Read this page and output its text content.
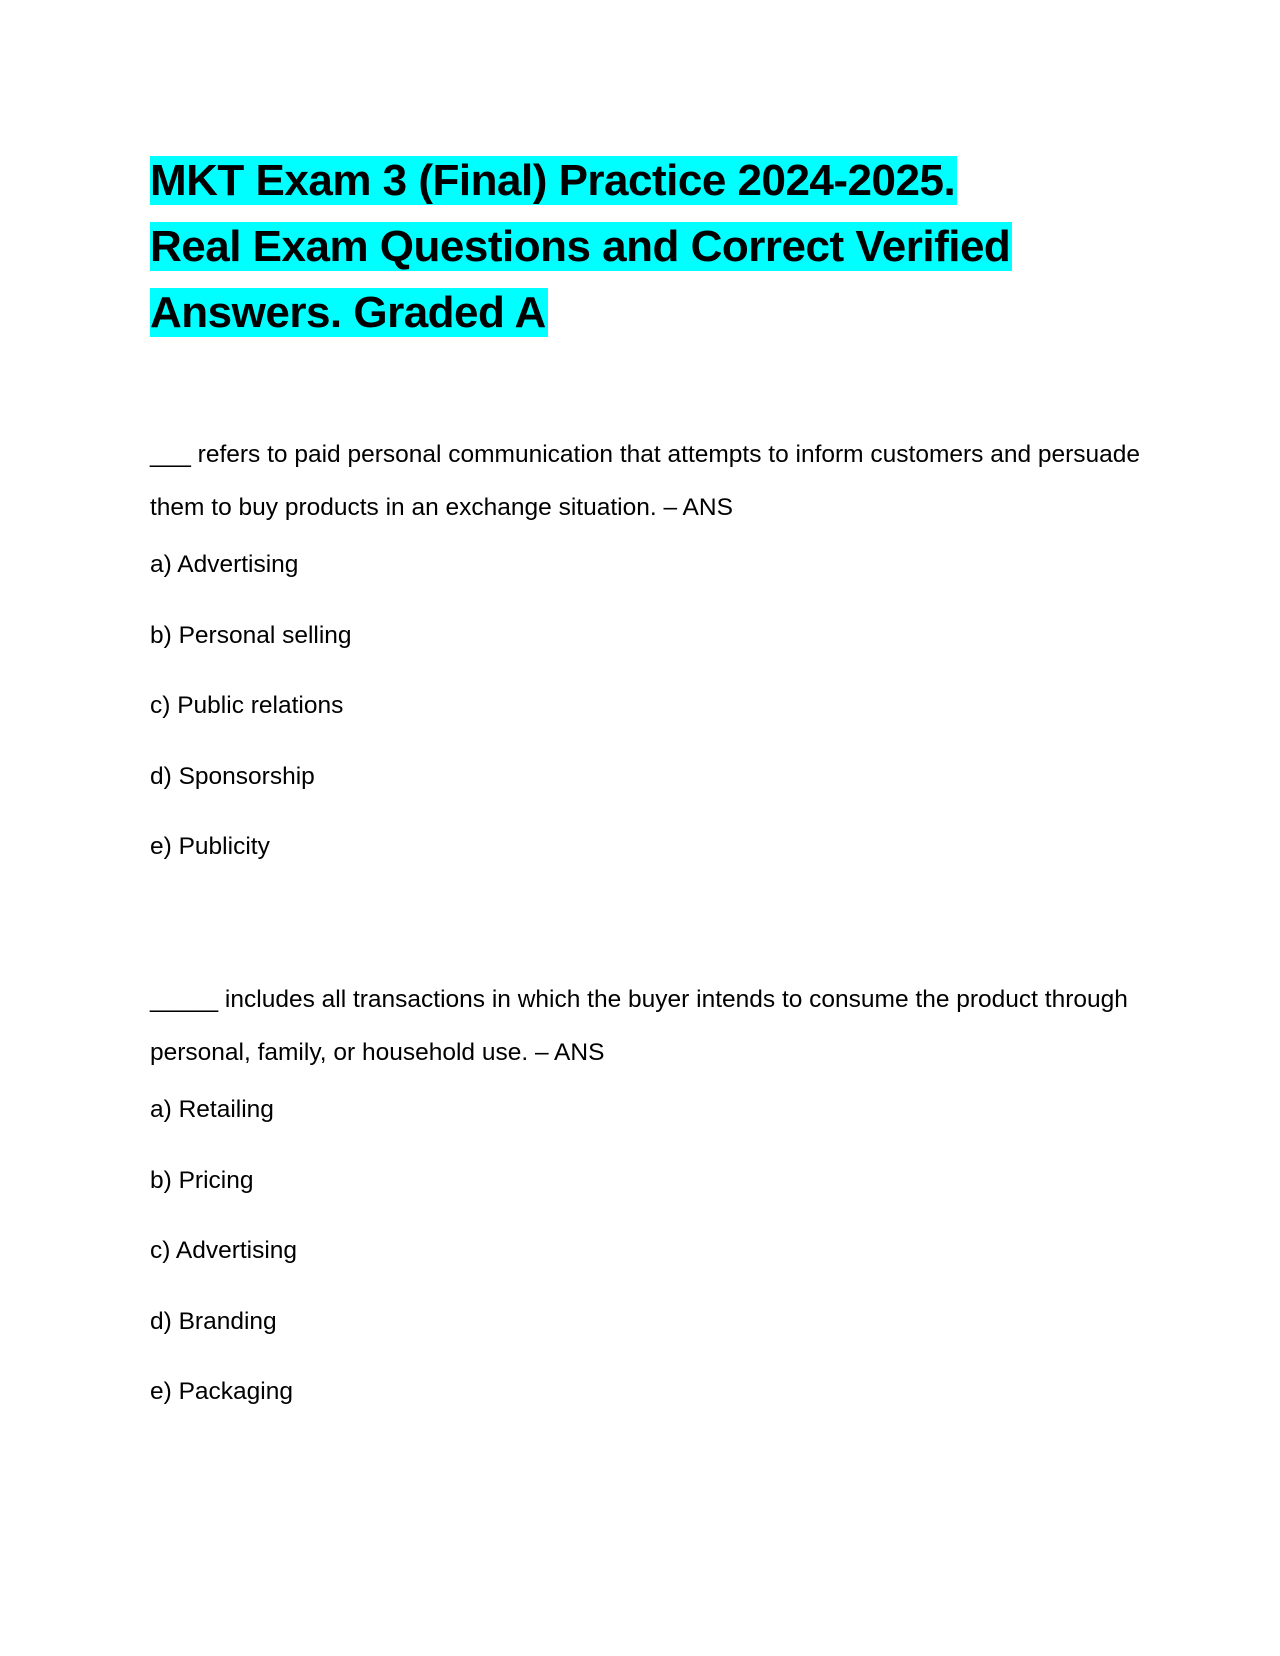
MKT Exam 3 (Final) Practice 2024-2025.
Real Exam Questions and Correct Verified
Answers. Graded A

___ refers to paid personal communication that attempts to inform customers and persuade them to buy products in an exchange situation. – ANS

a) Advertising
b) Personal selling
c) Public relations
d) Sponsorship
e) Publicity

_____ includes all transactions in which the buyer intends to consume the product through personal, family, or household use. – ANS

a) Retailing
b) Pricing
c) Advertising
d) Branding
e) Packaging
